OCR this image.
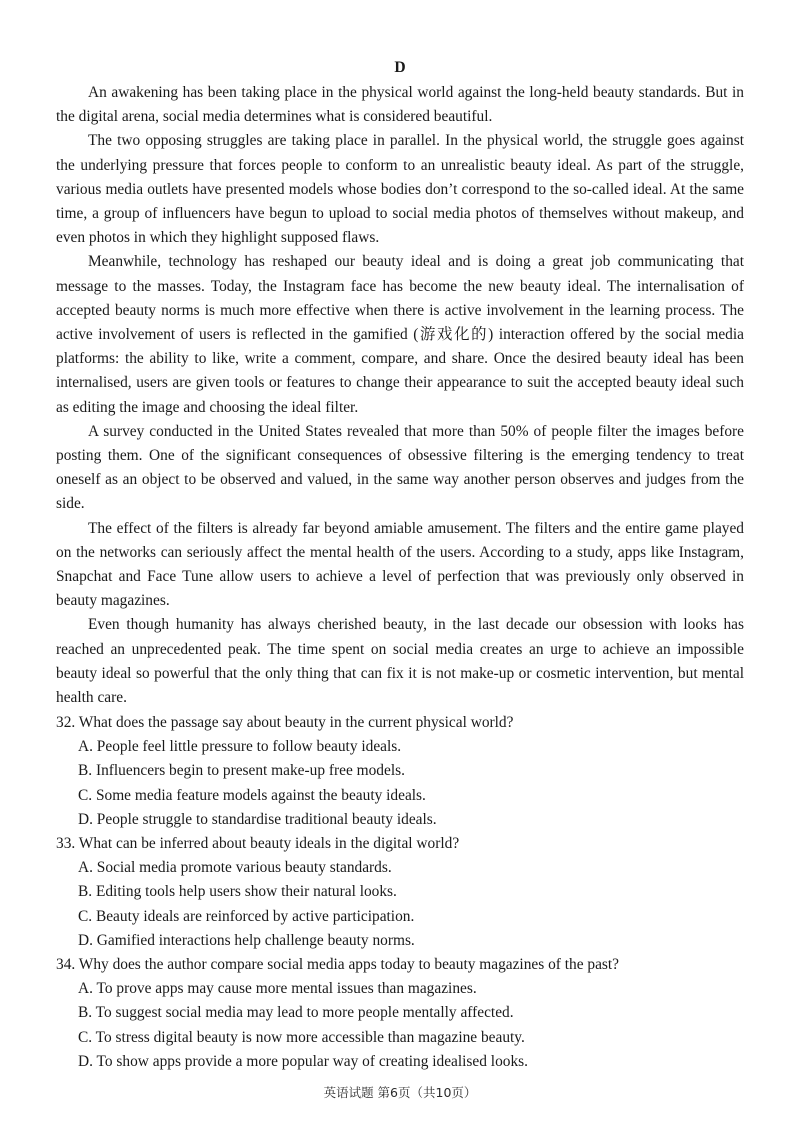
D

An awakening has been taking place in the physical world against the long-held beauty standards. But in the digital arena, social media determines what is considered beautiful.

The two opposing struggles are taking place in parallel. In the physical world, the struggle goes against the underlying pressure that forces people to conform to an unrealistic beauty ideal. As part of the struggle, various media outlets have presented models whose bodies don’t correspond to the so-called ideal. At the same time, a group of influencers have begun to upload to social media photos of themselves without makeup, and even photos in which they highlight supposed flaws.

Meanwhile, technology has reshaped our beauty ideal and is doing a great job communicating that message to the masses. Today, the Instagram face has become the new beauty ideal. The internalisation of accepted beauty norms is much more effective when there is active involvement in the learning process. The active involvement of users is reflected in the gamified (游戏化的) interaction offered by the social media platforms: the ability to like, write a comment, compare, and share. Once the desired beauty ideal has been internalised, users are given tools or features to change their appearance to suit the accepted beauty ideal such as editing the image and choosing the ideal filter.

A survey conducted in the United States revealed that more than 50% of people filter the images before posting them. One of the significant consequences of obsessive filtering is the emerging tendency to treat oneself as an object to be observed and valued, in the same way another person observes and judges from the side.

The effect of the filters is already far beyond amiable amusement. The filters and the entire game played on the networks can seriously affect the mental health of the users. According to a study, apps like Instagram, Snapchat and Face Tune allow users to achieve a level of perfection that was previously only observed in beauty magazines.

Even though humanity has always cherished beauty, in the last decade our obsession with looks has reached an unprecedented peak. The time spent on social media creates an urge to achieve an impossible beauty ideal so powerful that the only thing that can fix it is not make-up or cosmetic intervention, but mental health care.

32. What does the passage say about beauty in the current physical world?

A. People feel little pressure to follow beauty ideals.
B. Influencers begin to present make-up free models.
C. Some media feature models against the beauty ideals.
D. People struggle to standardise traditional beauty ideals.

33. What can be inferred about beauty ideals in the digital world?

A. Social media promote various beauty standards.
B. Editing tools help users show their natural looks.
C. Beauty ideals are reinforced by active participation.
D. Gamified interactions help challenge beauty norms.

34. Why does the author compare social media apps today to beauty magazines of the past?

A. To prove apps may cause more mental issues than magazines.
B. To suggest social media may lead to more people mentally affected.
C. To stress digital beauty is now more accessible than magazine beauty.
D. To show apps provide a more popular way of creating idealised looks.
英语试题 第6页（共10页）
